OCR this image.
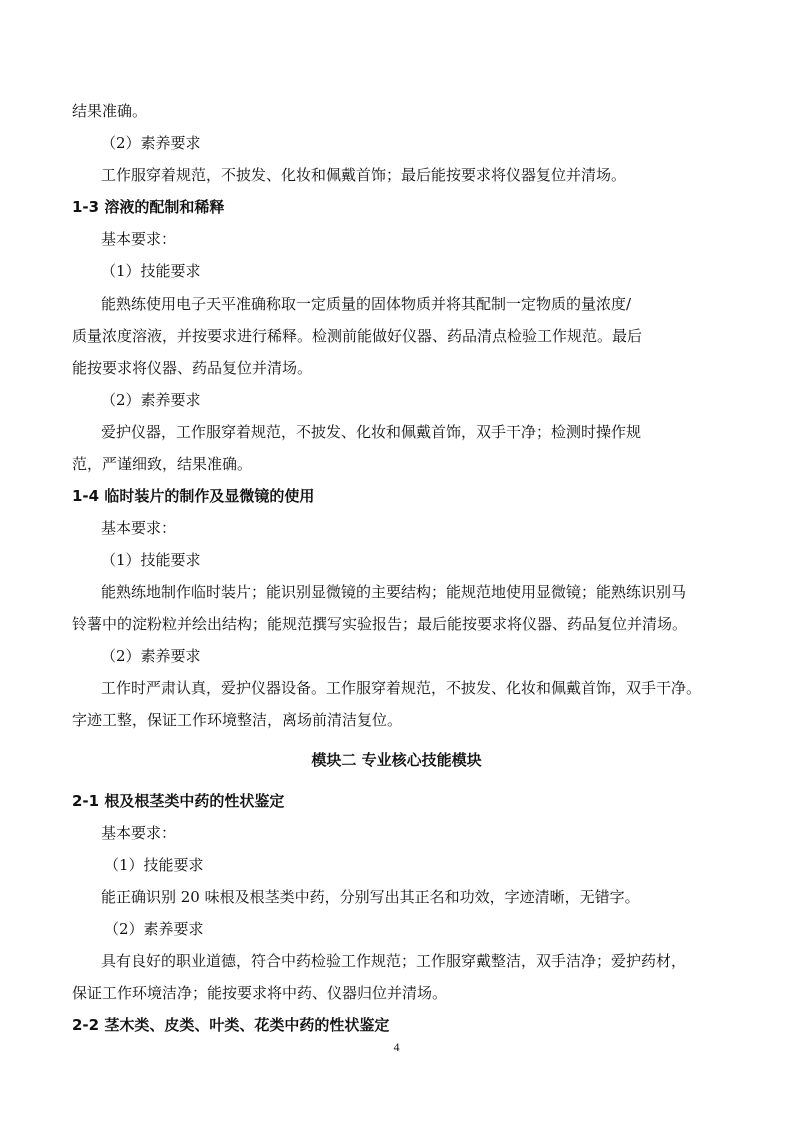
结果准确。
（2）素养要求
工作服穿着规范，不披发、化妆和佩戴首饰；最后能按要求将仪器复位并清场。
1-3 溶液的配制和稀释
基本要求：
（1）技能要求
能熟练使用电子天平准确称取一定质量的固体物质并将其配制一定物质的量浓度/
质量浓度溶液，并按要求进行稀释。检测前能做好仪器、药品清点检验工作规范。最后
能按要求将仪器、药品复位并清场。
（2）素养要求
爱护仪器，工作服穿着规范，不披发、化妆和佩戴首饰，双手干净；检测时操作规
范，严谨细致，结果准确。
1-4 临时装片的制作及显微镜的使用
基本要求：
（1）技能要求
能熟练地制作临时装片；能识别显微镜的主要结构；能规范地使用显微镜；能熟练识别马
铃薯中的淀粉粒并绘出结构；能规范撰写实验报告；最后能按要求将仪器、药品复位并清场。
（2）素养要求
工作时严肃认真，爱护仪器设备。工作服穿着规范，不披发、化妆和佩戴首饰，双手干净。
字迹工整，保证工作环境整洁，离场前清洁复位。
模块二 专业核心技能模块
2-1 根及根茎类中药的性状鉴定
基本要求：
（1）技能要求
能正确识别 20 味根及根茎类中药，分别写出其正名和功效，字迹清晰，无错字。
（2）素养要求
具有良好的职业道德，符合中药检验工作规范；工作服穿戴整洁，双手洁净；爱护药材，
保证工作环境洁净；能按要求将中药、仪器归位并清场。
2-2 茎木类、皮类、叶类、花类中药的性状鉴定
4
